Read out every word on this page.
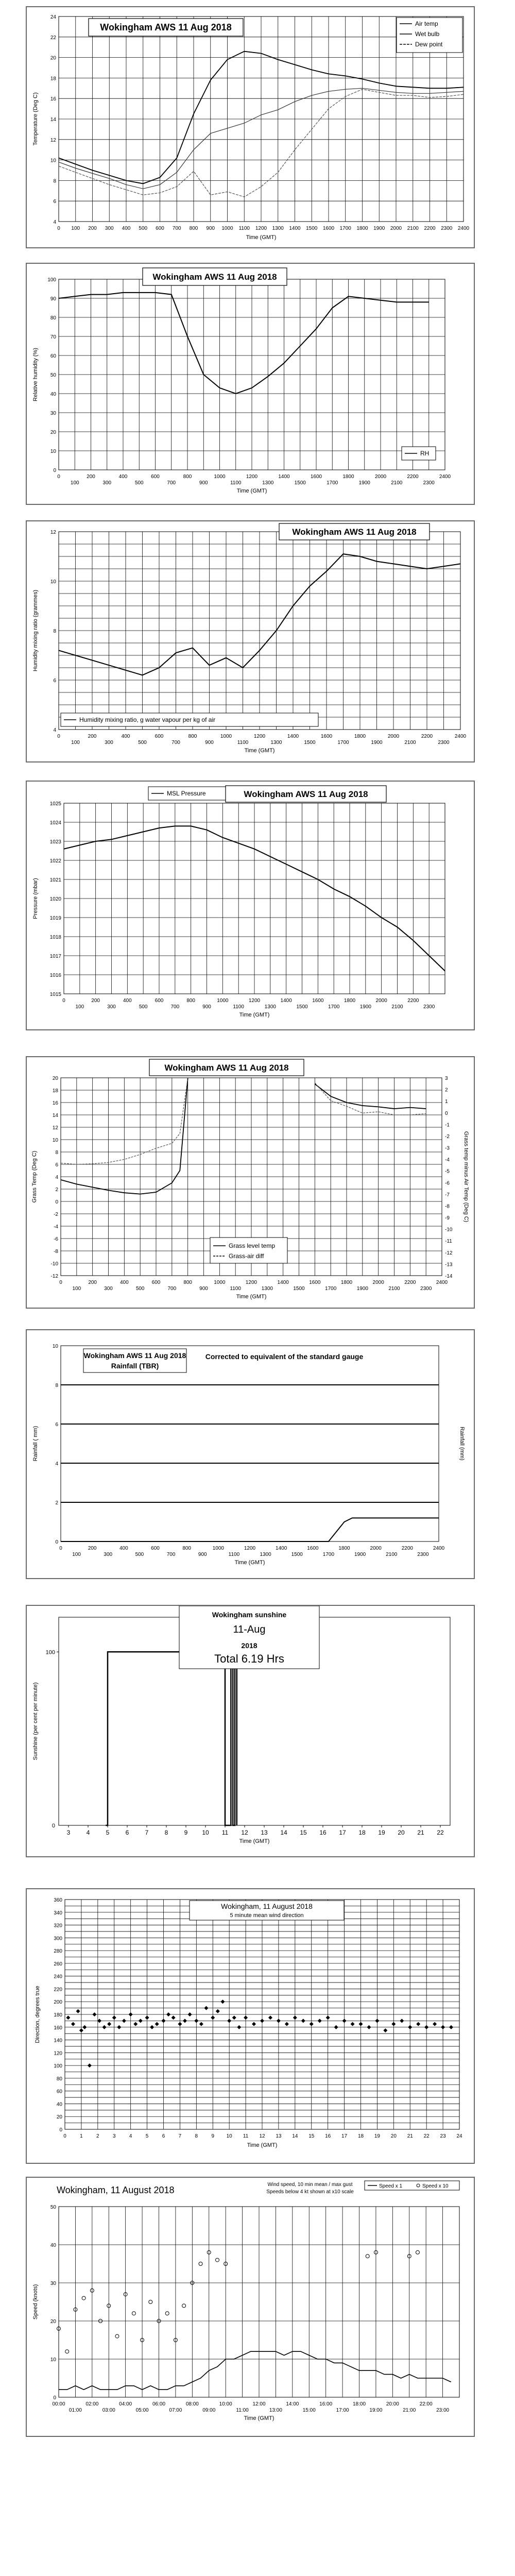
24
22
20
18
16
14
12
10
8
6
4
0 100 200 300 400 500 600 700 800 900 1000 1100 1200 1300 1400 1500 1600 1700 1800 1900 2000 2100 2200 2300 2400
Temperature (Deg C)
Time (GMT)
Wokingham AWS 11 Aug 2018	Air temp
Wet bulb
Dew point
100
90
80
70
60
50
40
30
20
10
0
0	200	400	600	800	1000	1200	1400	1600	1800	2000	2200	2400
100	300	500	700	900	1100	1300	1500	1700	1900	2100	2300
Relative humidity (%)
Time (GMT)
Wokingham AWS 11 Aug 2018
RH
12
10
8
6
4
0	200	400	600	800	1000	1200	1400	1600	1800	2000	2200	2400
100	300	500	700	900	1100	1300	1500	1700	1900	2100	2300
Humidity mixing ratio (grammes)
Time (GMT)
Wokingham AWS 11 Aug 2018
Humidity mixing ratio, g water vapour per kg of air
1025
1024
1023
1022
1021
1020
1019
1018
1017
1016
1015
0	200	400	600	800	1000	1200	1400	1600	1800	2000	2200
100	300	500	700	900	1100	1300	1500	1700	1900	2100	2300
Pressure (mbar)
Time (GMT)
MSL Pressure	Wokingham AWS 11 Aug 2018
20
18
16
14
12
10
8
6
4
2
0
-2
-4
-6
-8
-10
-12
3
2
1
0
-1
-2
-3
-4
-5
-6
-7
-8
-9
-10
-11
-12
-13
-14
0	200	400	600	800	1000	1200	1400	1600	1800	2000	2200	2400
100	300	500	700	900	1100	1300	1500	1700	1900	2100	2300
Grass Temp (Deg C)	Grass temp minus Air Temp (Deg C)
Time (GMT)
Wokingham AWS 11 Aug 2018
Grass level temp
Grass-air diff
10
8
6
4
2
0
0	200	400	600	800	1000	1200	1400	1600	1800	2000	2200	2400
100	300	500	700	900	1100	1300	1500	1700	1900	2100	2300
Rainfall ( mm)	Rainfall (mm)
Time (GMT)
Wokingham AWS 11 Aug 2018
Rainfall (TBR)
Corrected to equivalent of the standard gauge
100
0
3	4	5	6	7	8	9 10 11 12 13 14 15 16 17 18 19 20 21 22
Sunshine (per cent per minute)
Time (GMT)
Wokingham sunshine
11-Aug
2018
Total 6.19 Hrs
360
340
320
300
280
260
240
220
200
180
160
140
120
100
80
60
40
20
0
0	1	2	3	4	5	6	7	8	9 10 11 12 13 14 15 16 17 18 19 20 21 22 23 24
Direction, degrees true
Time (GMT)
Wokingham, 11 August 2018
5 minute mean wind direction
50
40
30
20
10
0
00:00	02:00	04:00	06:00	08:00	10:00	12:00	14:00	16:00	18:00	20:00	22:00
01:00	03:00	05:00	07:00	09:00	11:00	13:00	15:00	17:00	19:00	21:00	23:00
Speed (knots)
Time (GMT)
Wokingham, 11 August 2018
Wind speed, 10 min mean / max gust
Speeds below 4 kt shown at x10 scale
Speed x 1	Speed x 10
